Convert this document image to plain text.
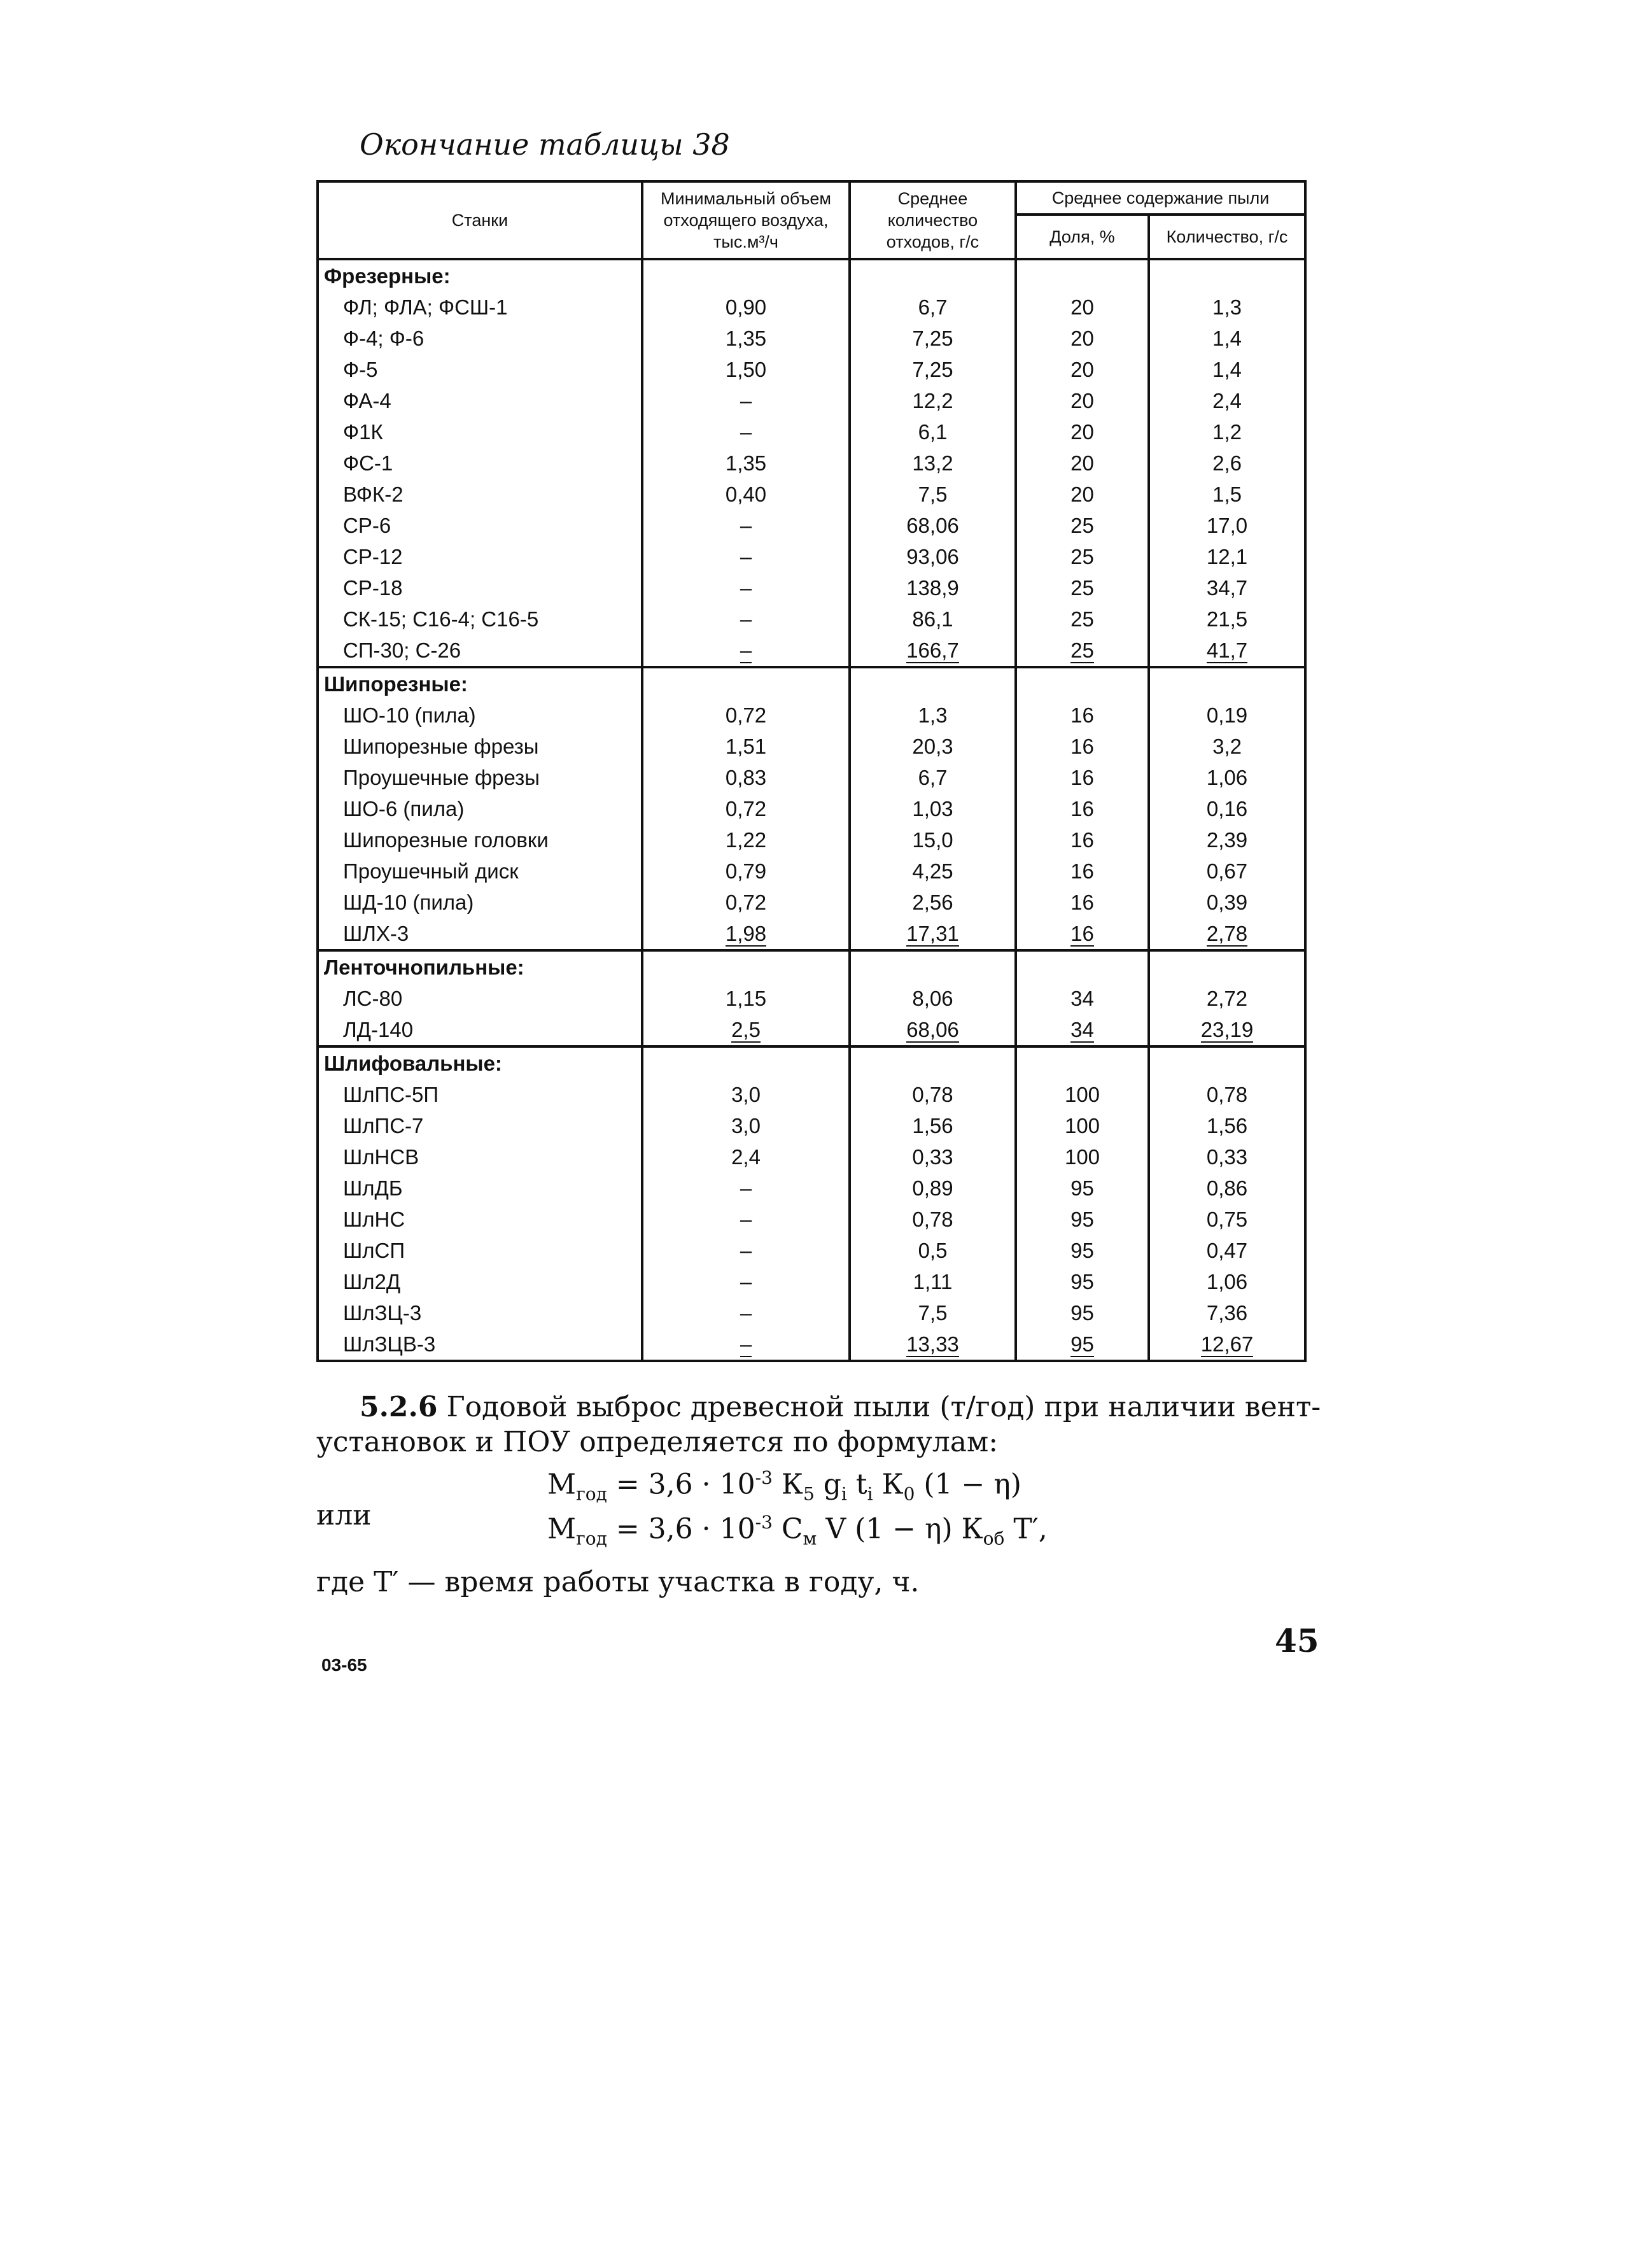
Окончание таблицы 38
Станки	Минимальный объем отходящего воздуха, тыс.м³/ч	Среднее количество отходов, г/с	Среднее содержание пыли	
			Доля, %	Количество, г/с
Фрезерные:				
ФЛ; ФЛА; ФСШ-1	0,90	6,7	20	1,3
Ф-4; Ф-6	1,35	7,25	20	1,4
Ф-5	1,50	7,25	20	1,4
ФА-4	–	12,2	20	2,4
Ф1К	–	6,1	20	1,2
ФС-1	1,35	13,2	20	2,6
ВФК-2	0,40	7,5	20	1,5
СР-6	–	68,06	25	17,0
СР-12	–	93,06	25	12,1
СР-18	–	138,9	25	34,7
СК-15; С16-4; С16-5	–	86,1	25	21,5
СП-30; С-26	–	166,7	25	41,7
Шипорезные:				
ШО-10 (пила)	0,72	1,3	16	0,19
Шипорезные фрезы	1,51	20,3	16	3,2
Проушечные фрезы	0,83	6,7	16	1,06
ШО-6 (пила)	0,72	1,03	16	0,16
Шипорезные головки	1,22	15,0	16	2,39
Проушечный диск	0,79	4,25	16	0,67
ШД-10 (пила)	0,72	2,56	16	0,39
ШЛХ-3	1,98	17,31	16	2,78
Ленточнопильные:				
ЛС-80	1,15	8,06	34	2,72
ЛД-140	2,5	68,06	34	23,19
Шлифовальные:				
ШлПС-5П	3,0	0,78	100	0,78
ШлПС-7	3,0	1,56	100	1,56
ШлНСВ	2,4	0,33	100	0,33
ШлДБ	–	0,89	95	0,86
ШлНС	–	0,78	95	0,75
ШлСП	–	0,5	95	0,47
Шл2Д	–	1,11	95	1,06
ШлЗЦ-3	–	7,5	95	7,36
ШлЗЦВ-3	–	13,33	95	12,67
5.2.6 Годовой выброс древесной пыли (т/год) при наличии вент-
установок и ПОУ определяется по формулам:
$М_{год} = 3,6 \cdot 10^{-3}$ $К_5$ $g_i$ $t_i$ $К_0$ (1 − η)
или	$М_{год} = 3,6 \cdot 10^{-3}$ $С_м$ V (1 − η) $К_{об}$ Т′,
где Т′ — время работы участка в году, ч.
45
03-65
